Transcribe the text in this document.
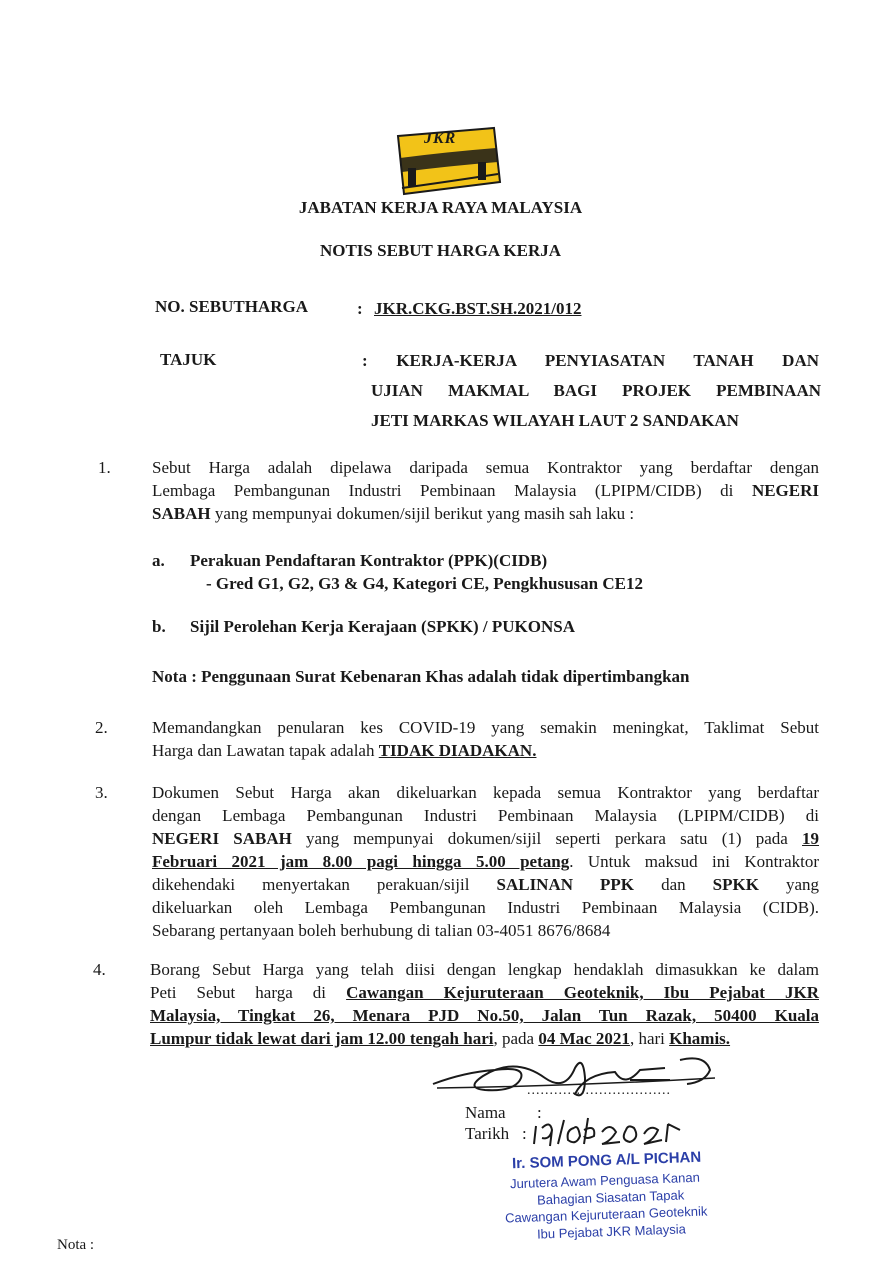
JKR
JABATAN KERJA RAYA MALAYSIA
NOTIS SEBUT HARGA KERJA
NO. SEBUTHARGA	: JKR.CKG.BST.SH.2021/012
TAJUK	: KERJA-KERJA PENYIASATAN TANAH DAN
UJIAN MAKMAL BAGI PROJEK PEMBINAAN
JETI MARKAS WILAYAH LAUT 2 SANDAKAN
1. Sebut Harga adalah dipelawa daripada semua Kontraktor yang berdaftar dengan
Lembaga Pembangunan Industri Pembinaan Malaysia (LPIPM/CIDB) di NEGERI
SABAH yang mempunyai dokumen/sijil berikut yang masih sah laku :
a. Perakuan Pendaftaran Kontraktor (PPK)(CIDB)
- Gred G1, G2, G3 & G4, Kategori CE, Pengkhususan CE12
b. Sijil Perolehan Kerja Kerajaan (SPKK) / PUKONSA
Nota : Penggunaan Surat Kebenaran Khas adalah tidak dipertimbangkan
2.	Memandangkan penularan kes COVID-19 yang semakin meningkat, Taklimat Sebut
Harga dan Lawatan tapak adalah TIDAK DIADAKAN.
3.	Dokumen Sebut Harga akan dikeluarkan kepada semua Kontraktor yang berdaftar
dengan Lembaga Pembangunan Industri Pembinaan Malaysia (LPIPM/CIDB) di
NEGERI SABAH yang mempunyai dokumen/sijil seperti perkara satu (1) pada 19
Februari 2021 jam 8.00 pagi hingga 5.00 petang. Untuk maksud ini Kontraktor
dikehendaki menyertakan perakuan/sijil SALINAN PPK dan SPKK yang
dikeluarkan oleh Lembaga Pembangunan Industri Pembinaan Malaysia (CIDB).
Sebarang pertanyaan boleh berhubung di talian 03-4051 8676/8684
4.	Borang Sebut Harga yang telah diisi dengan lengkap hendaklah dimasukkan ke dalam
Peti Sebut harga di Cawangan Kejuruteraan Geoteknik, Ibu Pejabat JKR
Malaysia, Tingkat 26, Menara PJD No.50, Jalan Tun Razak, 50400 Kuala
Lumpur tidak lewat dari jam 12.00 tengah hari, pada 04 Mac 2021, hari Khamis.
................................
Nama :
Tarikh :
Ir. SOM PONG A/L PICHAN
Jurutera Awam Penguasa Kanan
Bahagian Siasatan Tapak
Cawangan Kejuruteraan Geoteknik
Ibu Pejabat JKR Malaysia
Nota :
